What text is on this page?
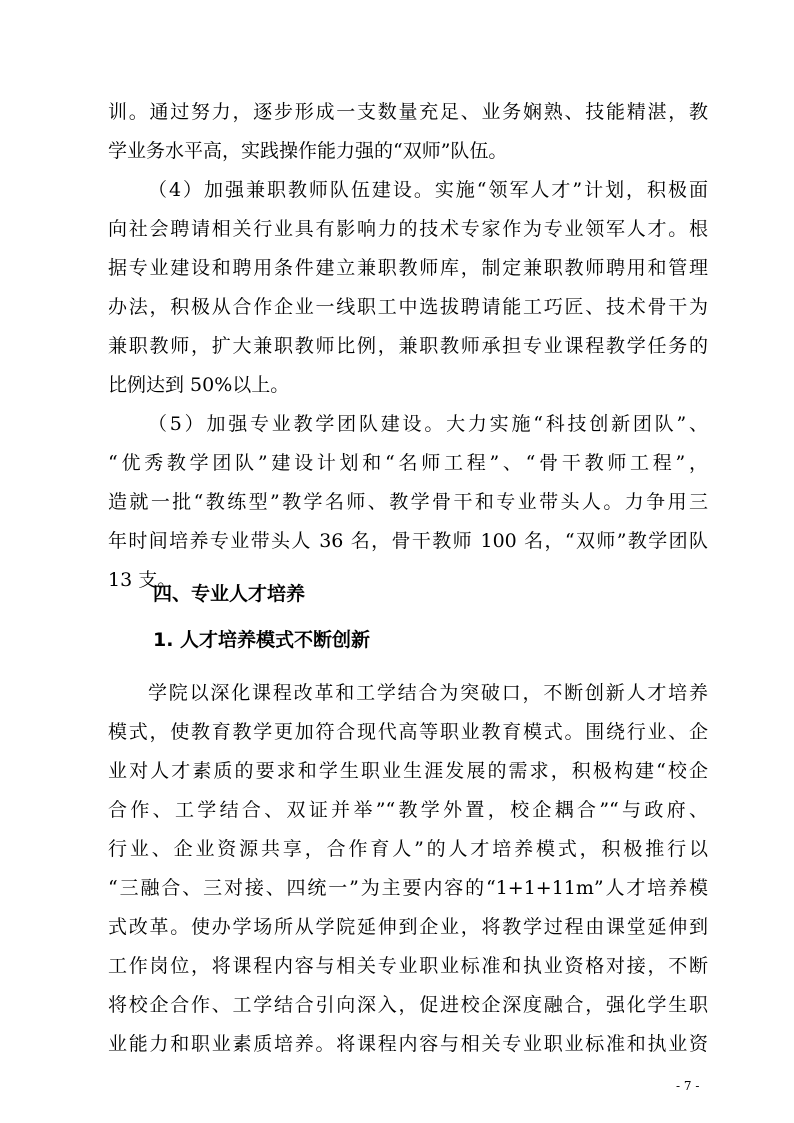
训。通过努力，逐步形成一支数量充足、业务娴熟、技能精湛，教
学业务水平高，实践操作能力强的“双师”队伍。
（4）加强兼职教师队伍建设。实施“领军人才”计划，积极面
向社会聘请相关行业具有影响力的技术专家作为专业领军人才。根
据专业建设和聘用条件建立兼职教师库，制定兼职教师聘用和管理
办法，积极从合作企业一线职工中选拔聘请能工巧匠、技术骨干为
兼职教师，扩大兼职教师比例，兼职教师承担专业课程教学任务的
比例达到 50%以上。
（5）加强专业教学团队建设。大力实施“科技创新团队”、
“优秀教学团队”建设计划和“名师工程”、“骨干教师工程”，
造就一批“教练型”教学名师、教学骨干和专业带头人。力争用三
年时间培养专业带头人 36 名，骨干教师 100 名，“双师”教学团队
13 支。
四、专业人才培养
1. 人才培养模式不断创新
学院以深化课程改革和工学结合为突破口，不断创新人才培养
模式，使教育教学更加符合现代高等职业教育模式。围绕行业、企
业对人才素质的要求和学生职业生涯发展的需求，积极构建“校企
合作、工学结合、双证并举”“教学外置，校企耦合”“与政府、
行业、企业资源共享，合作育人”的人才培养模式，积极推行以
“三融合、三对接、四统一”为主要内容的“1+1+11m”人才培养模
式改革。使办学场所从学院延伸到企业，将教学过程由课堂延伸到
工作岗位，将课程内容与相关专业职业标准和执业资格对接，不断
将校企合作、工学结合引向深入，促进校企深度融合，强化学生职
业能力和职业素质培养。将课程内容与相关专业职业标准和执业资
- 7 -
